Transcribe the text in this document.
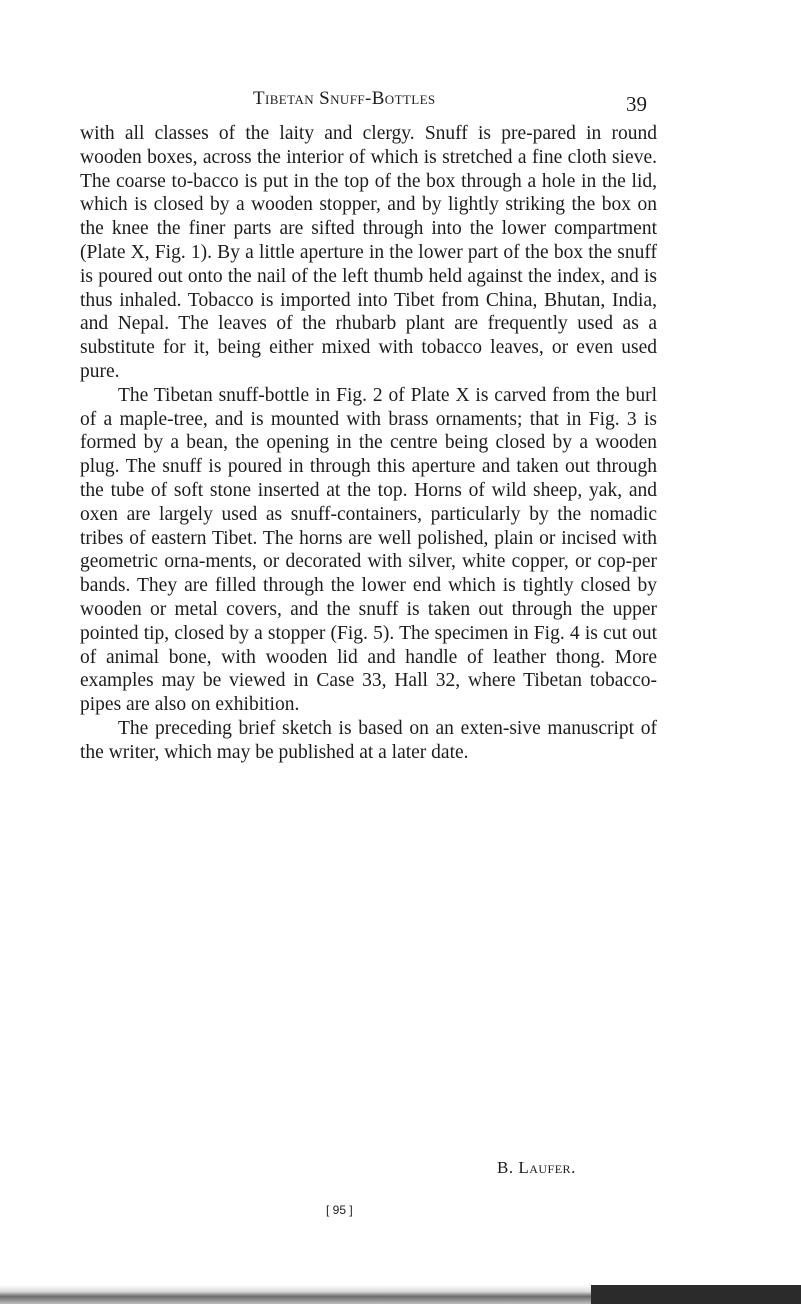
Tibetan Snuff-Bottles	39

with all classes of the laity and clergy. Snuff is pre-pared in round wooden boxes, across the interior of which is stretched a fine cloth sieve. The coarse to-bacco is put in the top of the box through a hole in the lid, which is closed by a wooden stopper, and by lightly striking the box on the knee the finer parts are sifted through into the lower compartment (Plate X, Fig. 1). By a little aperture in the lower part of the box the snuff is poured out onto the nail of the left thumb held against the index, and is thus inhaled. Tobacco is imported into Tibet from China, Bhutan, India, and Nepal. The leaves of the rhubarb plant are frequently used as a substitute for it, being either mixed with tobacco leaves, or even used pure.

The Tibetan snuff-bottle in Fig. 2 of Plate X is carved from the burl of a maple-tree, and is mounted with brass ornaments; that in Fig. 3 is formed by a bean, the opening in the centre being closed by a wooden plug. The snuff is poured in through this aperture and taken out through the tube of soft stone inserted at the top. Horns of wild sheep, yak, and oxen are largely used as snuff-containers, particularly by the nomadic tribes of eastern Tibet. The horns are well polished, plain or incised with geometric orna-ments, or decorated with silver, white copper, or cop-per bands. They are filled through the lower end which is tightly closed by wooden or metal covers, and the snuff is taken out through the upper pointed tip, closed by a stopper (Fig. 5). The specimen in Fig. 4 is cut out of animal bone, with wooden lid and handle of leather thong. More examples may be viewed in Case 33, Hall 32, where Tibetan tobacco-pipes are also on exhibition.

The preceding brief sketch is based on an exten-sive manuscript of the writer, which may be published at a later date.

B. Laufer.
[ 95 ]
